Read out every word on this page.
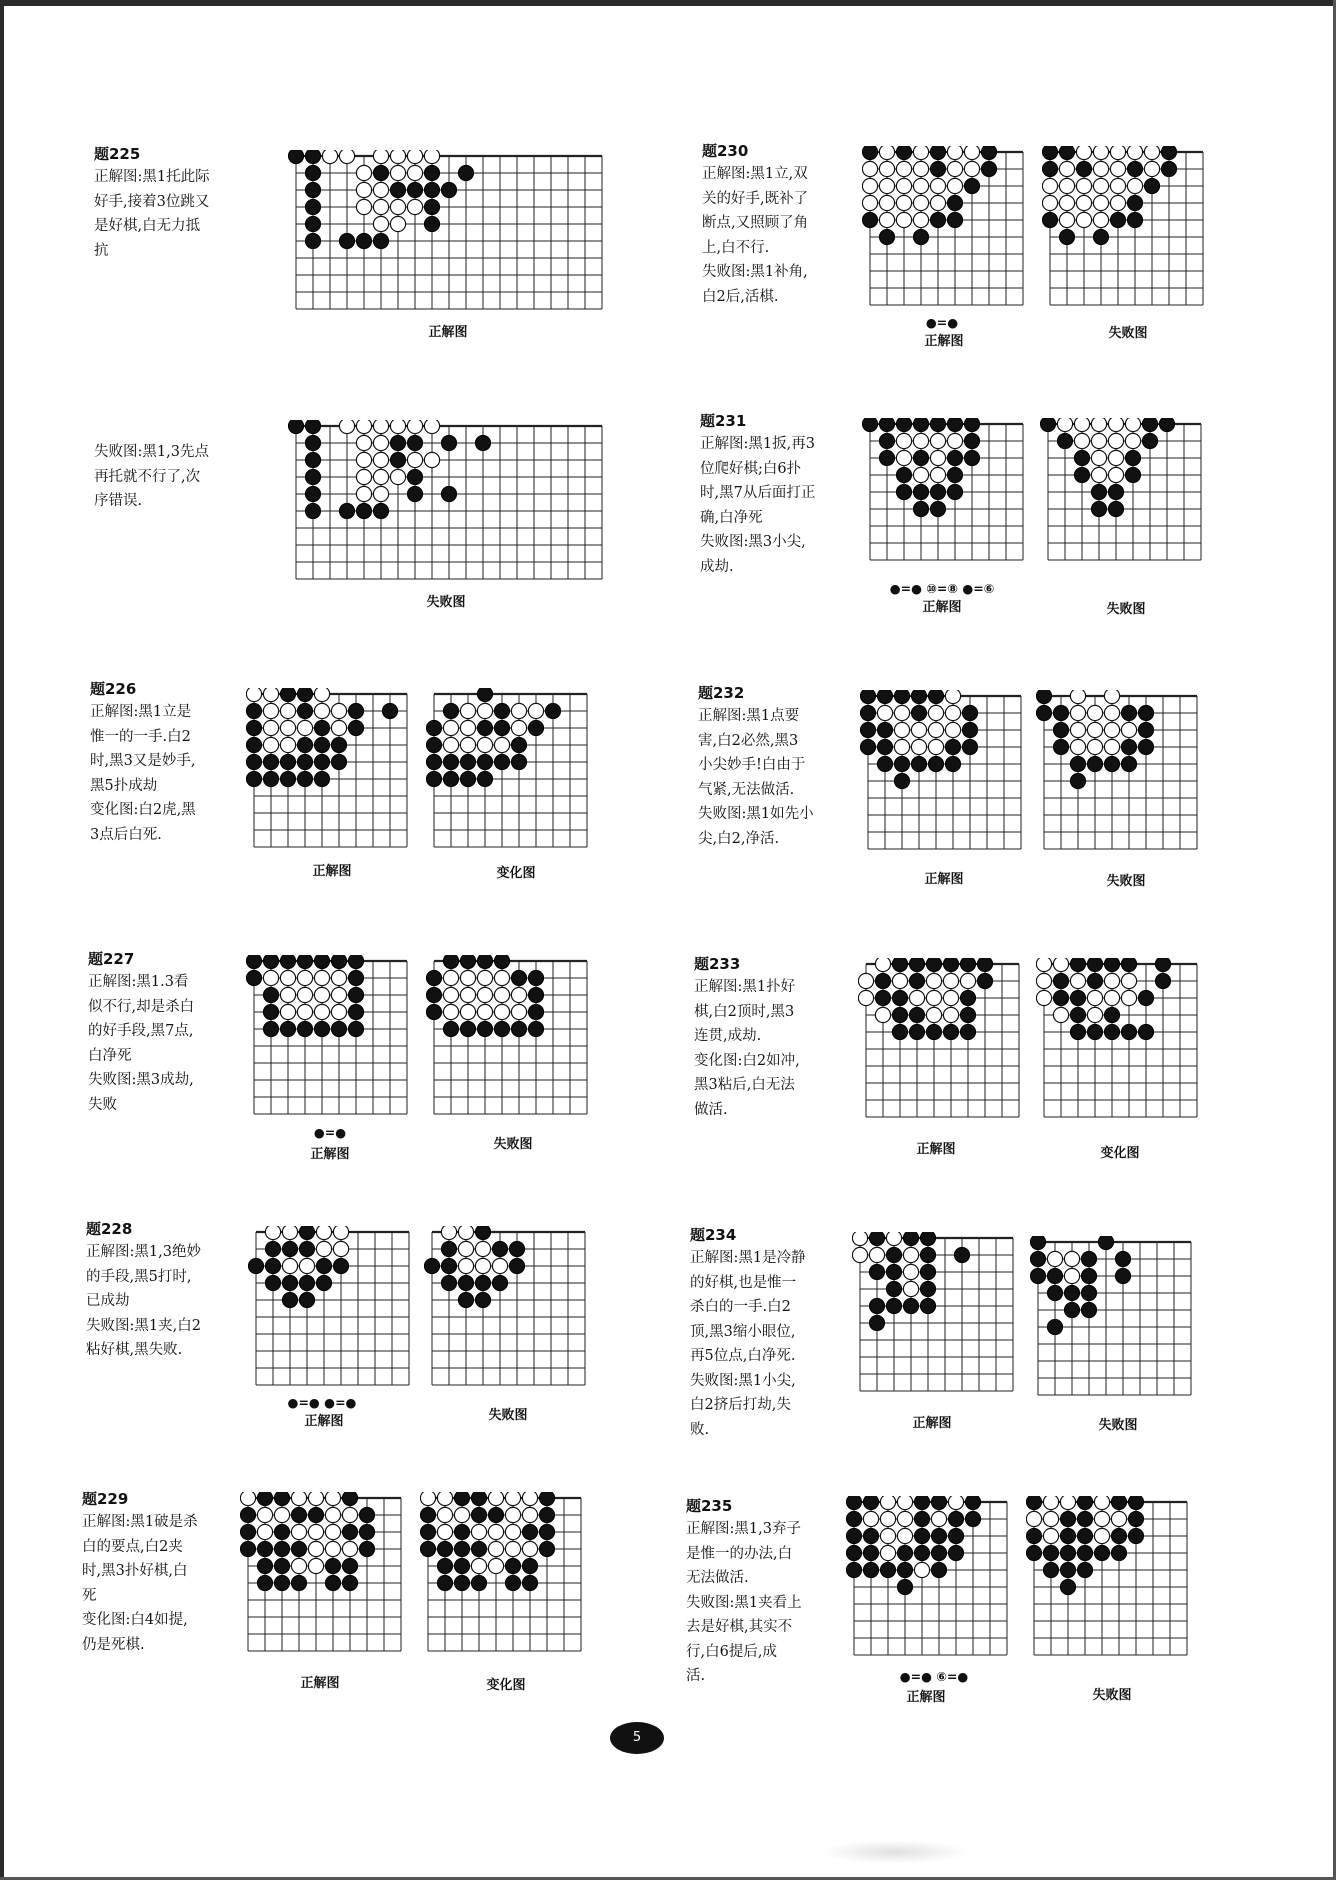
题225

正解图:黑1托此际

好手,接着3位跳又

是好棋,白无力抵

抗

正解图

失败图:黑1,3先点

再托就不行了,次

序错误.

失败图
题226

正解图:黑1立是

惟一的一手.白2

时,黑3又是妙手,

黑5扑成劫

变化图:白2虎,黑

3点后白死.

正解图	变化图
题227

正解图:黑1.3看

似不行,却是杀白

的好手段,黑7点,

白净死

失败图:黑3成劫,

失败

●=●
正解图
失败图
题228

正解图:黑1,3绝妙

的手段,黑5打时,

已成劫

失败图:黑1夹,白2

粘好棋,黑失败.

●=● ●=●
正解图	失败图
题229

正解图:黑1破是杀

白的要点,白2夹

时,黑3扑好棋,白

死

变化图:白4如提,

仍是死棋.

正解图	变化图
题230

正解图:黑1立,双

关的好手,既补了

断点,又照顾了角

上,白不行.

失败图:黑1补角,

白2后,活棋.

●=●
正解图
失败图
题231

正解图:黑1扳,再3

位爬好棋;白6扑

时,黑7从后面打正

确,白净死

失败图:黑3小尖,

成劫.

●=● ⑩=⑧ ●=⑥
正解图	失败图
题232

正解图:黑1点要

害,白2必然,黑3

小尖妙手!白由于

气紧,无法做活.

失败图:黑1如先小

尖,白2,净活.

正解图	失败图
题233

正解图:黑1扑好

棋,白2顶时,黑3

连贯,成劫.

变化图:白2如冲,

黑3粘后,白无法

做活.

正解图	变化图
题234

正解图:黑1是冷静

的好棋,也是惟一

杀白的一手.白2

顶,黑3缩小眼位,

再5位点,白净死.

失败图:黑1小尖,

白2挤后打劫,失

败.	正解图	失败图
题235

正解图:黑1,3弃子

是惟一的办法,白

无法做活.

失败图:黑1夹看上

去是好棋,其实不

行,白6提后,成

活.	●=● ⑥=●
正解图	失败图
5
